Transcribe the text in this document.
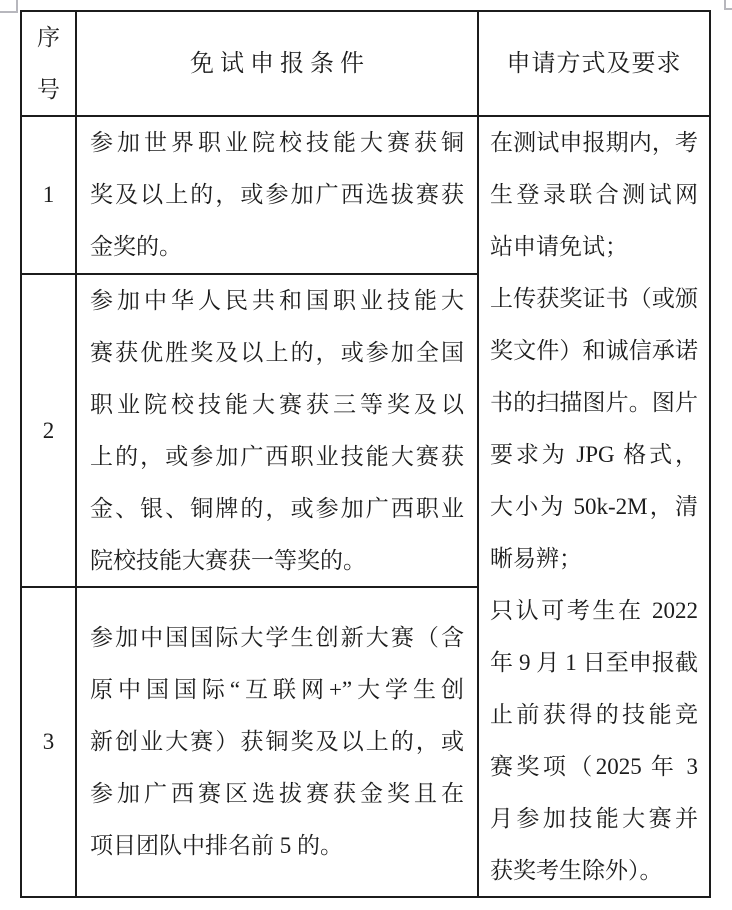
序
号
免试申报条件	申请方式及要求
1
参加世界职业院校技能大赛获铜
奖及以上的，或参加广西选拔赛获
金奖的。
在测试申报期内，考
生登录联合测试网
站申请免试；
上传获奖证书（或颁
奖文件）和诚信承诺
书的扫描图片。图片
要求为 JPG 格式，
大小为 50k-2M，清
晰易辨；
只认可考生在 2022
年 9 月 1 日至申报截
止前获得的技能竞
赛奖项（2025 年 3
月参加技能大赛并
获奖考生除外）。
2
参加中华人民共和国职业技能大
赛获优胜奖及以上的，或参加全国
职业院校技能大赛获三等奖及以
上的，或参加广西职业技能大赛获
金、银、铜牌的，或参加广西职业
院校技能大赛获一等奖的。
3
参加中国国际大学生创新大赛（含
原中国国际“互联网+”大学生创
新创业大赛）获铜奖及以上的，或
参加广西赛区选拔赛获金奖且在
项目团队中排名前 5 的。
